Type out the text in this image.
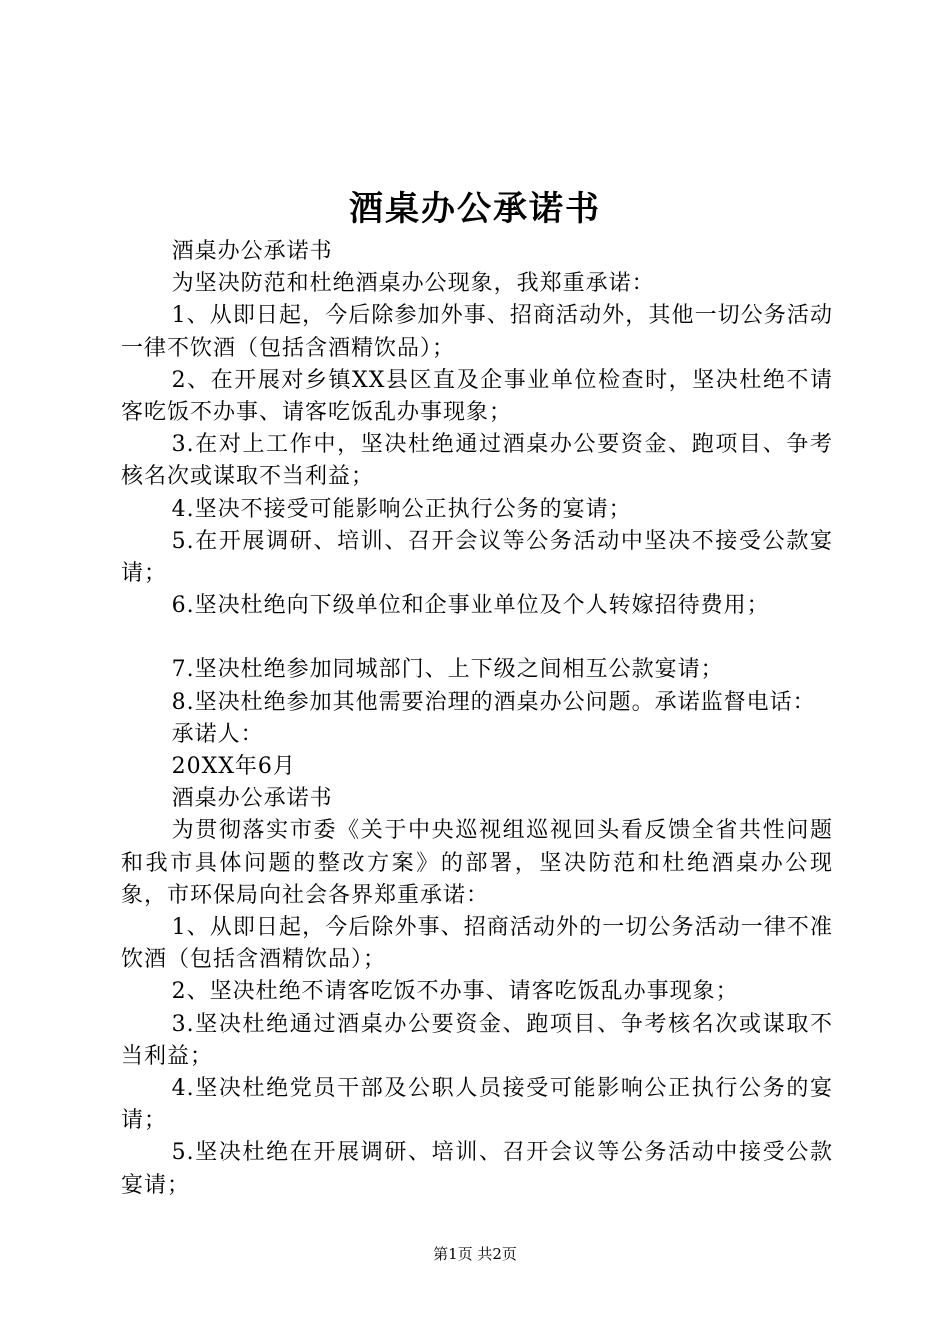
酒桌办公承诺书

酒桌办公承诺书

为坚决防范和杜绝酒桌办公现象，我郑重承诺：

1、从即日起，今后除参加外事、招商活动外，其他一切公务活动一律不饮酒（包括含酒精饮品）；

2、在开展对乡镇XX县区直及企事业单位检查时，坚决杜绝不请客吃饭不办事、请客吃饭乱办事现象；

3.在对上工作中，坚决杜绝通过酒桌办公要资金、跑项目、争考核名次或谋取不当利益；

4.坚决不接受可能影响公正执行公务的宴请；

5.在开展调研、培训、召开会议等公务活动中坚决不接受公款宴请；

6.坚决杜绝向下级单位和企事业单位及个人转嫁招待费用；

7.坚决杜绝参加同城部门、上下级之间相互公款宴请；

8.坚决杜绝参加其他需要治理的酒桌办公问题。承诺监督电话：

承诺人：

20XX年6月

酒桌办公承诺书

为贯彻落实市委《关于中央巡视组巡视回头看反馈全省共性问题和我市具体问题的整改方案》的部署，坚决防范和杜绝酒桌办公现象，市环保局向社会各界郑重承诺：

1、从即日起，今后除外事、招商活动外的一切公务活动一律不准饮酒（包括含酒精饮品）；

2、坚决杜绝不请客吃饭不办事、请客吃饭乱办事现象；

3.坚决杜绝通过酒桌办公要资金、跑项目、争考核名次或谋取不当利益；

4.坚决杜绝党员干部及公职人员接受可能影响公正执行公务的宴请；

5.坚决杜绝在开展调研、培训、召开会议等公务活动中接受公款宴请；

第1页 共2页
